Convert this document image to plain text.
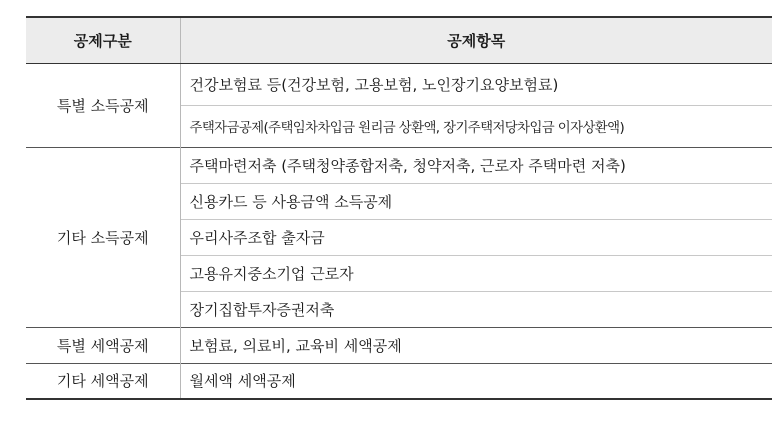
공제구분	공제항목
특별 소득공제	건강보험료 등(건강보험, 고용보험, 노인장기요양보험료)
	주택자금공제(주택임차차입금 원리금 상환액, 장기주택저당차입금 이자상환액)
기타 소득공제	주택마련저축 (주택청약종합저축, 청약저축, 근로자 주택마련 저축)
	신용카드 등 사용금액 소득공제
	우리사주조합 출자금
	고용유지중소기업 근로자
	장기집합투자증권저축
특별 세액공제	보험료, 의료비, 교육비 세액공제
기타 세액공제	월세액 세액공제
